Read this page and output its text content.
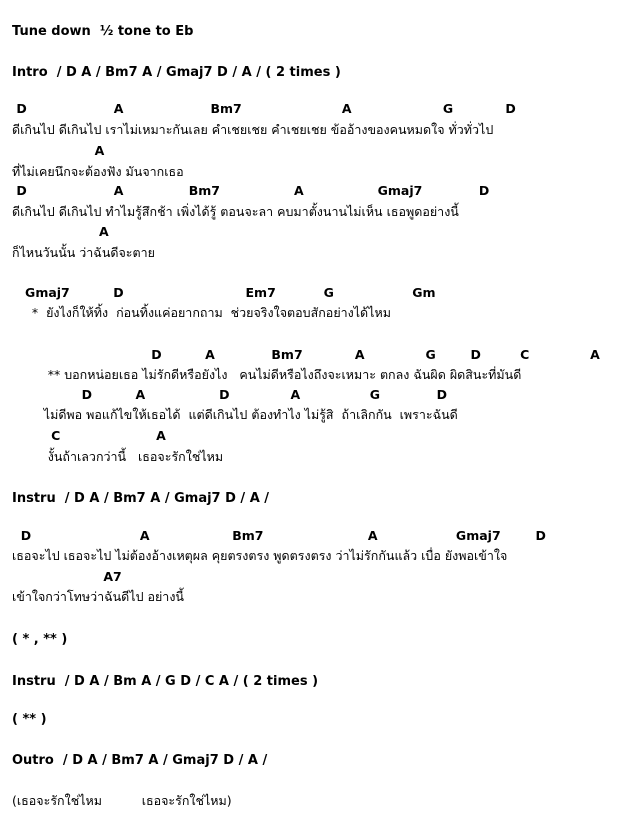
Tune down  ½ tone to Eb
Intro  / D A / Bm7 A / Gmaj7 D / A / ( 2 times )
D                    A                    Bm7                       A                     G            D
ดีเกินไป ดีเกินไป เราไม่เหมาะกันเลย คำเชยเชย คำเชยเชย ข้ออ้างของคนหมดใจ ทั่วทั่วไป
A
ที่ไม่เคยนึกจะต้องฟัง มันจากเธอ
D                    A               Bm7                 A                 Gmaj7             D
ดีเกินไป ดีเกินไป ทำไมรู้สึกช้า เพิ่งได้รู้ ตอนจะลา คบมาตั้งนานไม่เห็น เธอพูดอย่างนี้
A
ก็ไหนวันนั้น ว่าฉันดีจะตาย
Gmaj7          D                            Em7           G                  Gm
*  ยังไงก็ให้ทิ้ง  ก่อนทิ้งแค่อยากถาม  ช่วยจริงใจตอบสักอย่างได้ไหม
D          A             Bm7            A              G        D         C              A
** บอกหน่อยเธอ ไม่รักดีหรือยังไง   คนไม่ดีหรือไงถึงจะเหมาะ ตกลง ฉันผิด ผิดสินะที่มันดี
D          A                 D              A                G             D
ไม่ดีพอ พอแก้ไขให้เธอได้  แต่ดีเกินไป ต้องทำไง ไม่รู้สิ  ถ้าเลิกกัน  เพราะฉันดี
C                      A
งั้นถ้าเลวกว่านี้   เธอจะรักใช่ไหม
Instru  / D A / Bm7 A / Gmaj7 D / A /
D                         A                   Bm7                        A                  Gmaj7        D
เธอจะไป เธอจะไป ไม่ต้องอ้างเหตุผล คุยตรงตรง พูดตรงตรง ว่าไม่รักกันแล้ว เบื่อ ยังพอเข้าใจ
A7
เข้าใจกว่าโทษว่าฉันดีไป อย่างนี้
( * , ** )
Instru  / D A / Bm A / G D / C A / ( 2 times )
( ** )
Outro  / D A / Bm7 A / Gmaj7 D / A /
(เธอจะรักใช่ไหม          เธอจะรักใช่ไหม)
